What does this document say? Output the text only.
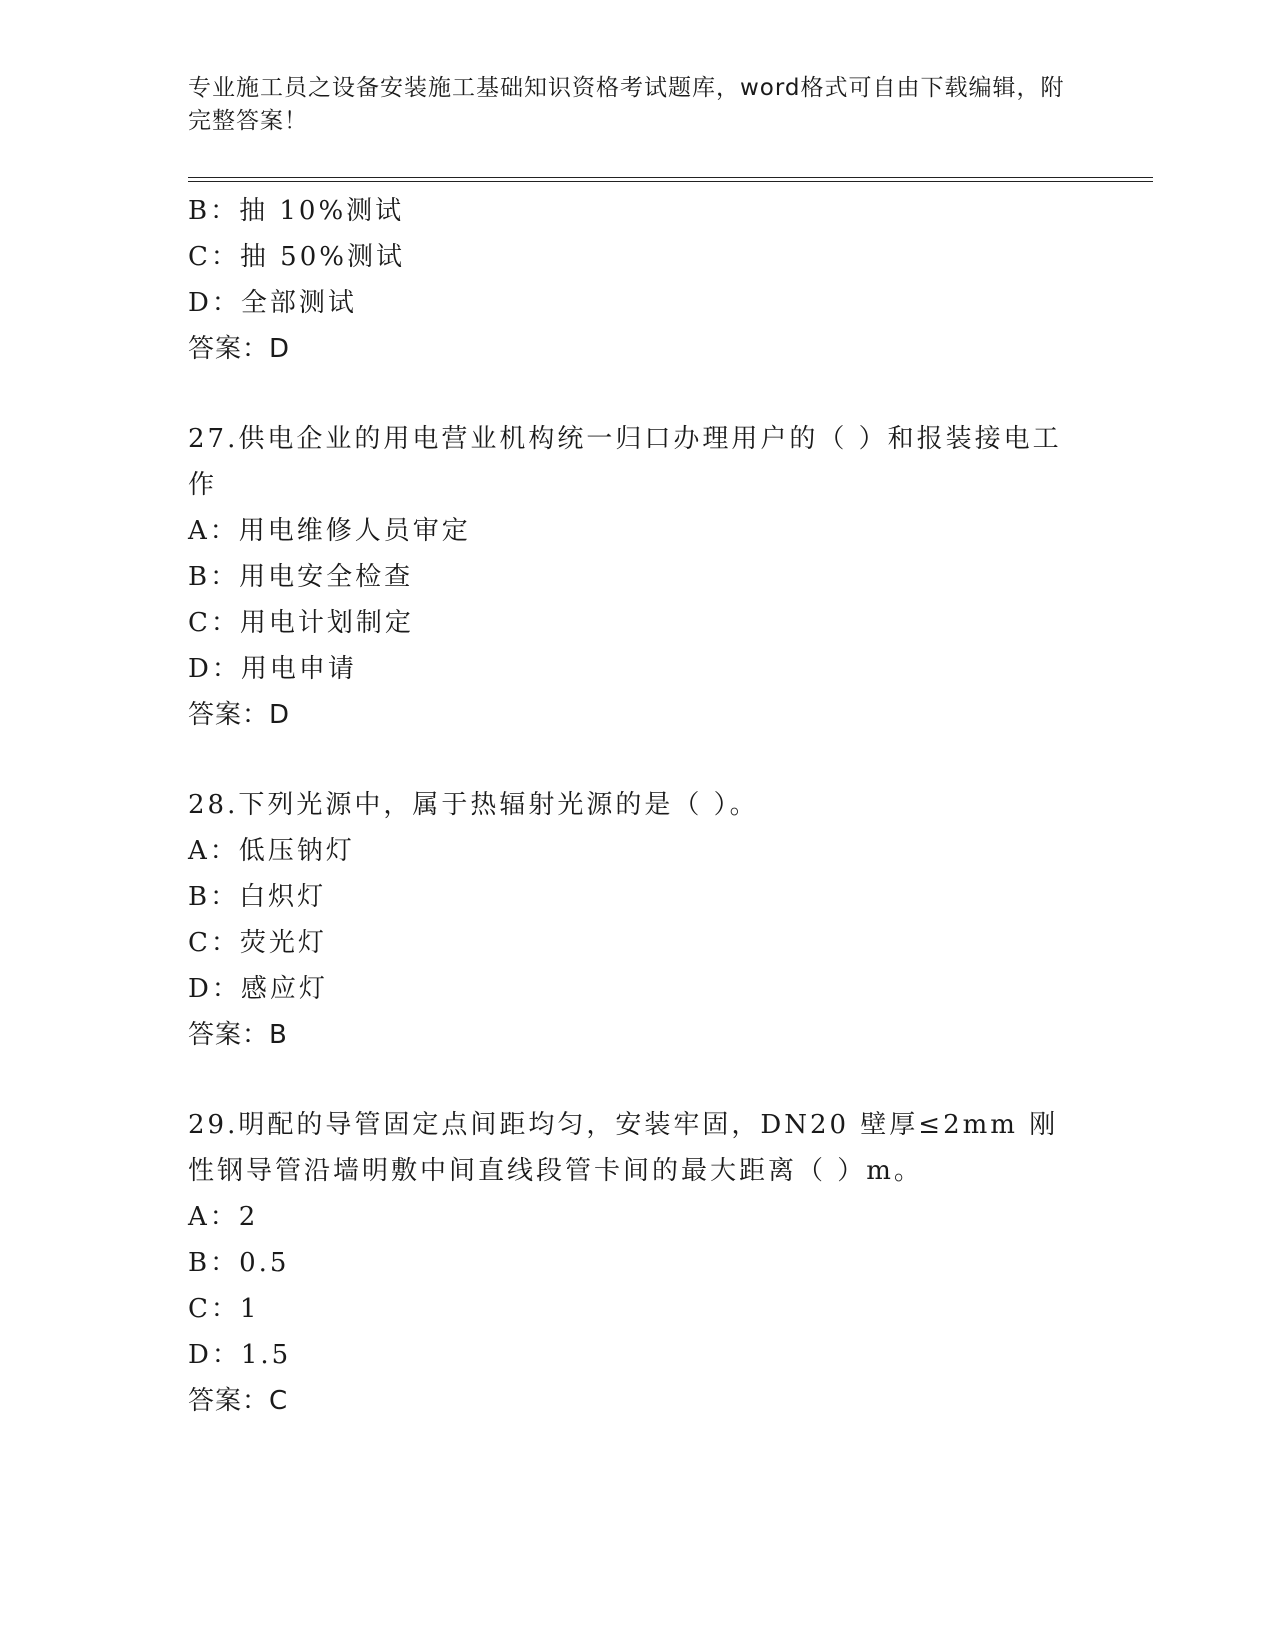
专业施工员之设备安装施工基础知识资格考试题库，word格式可自由下载编辑，附完整答案！
B：抽 10%测试
C：抽 50%测试
D：全部测试
答案：D
27.供电企业的用电营业机构统一归口办理用户的（ ）和报装接电工作
A：用电维修人员审定
B：用电安全检查
C：用电计划制定
D：用电申请
答案：D
28.下列光源中，属于热辐射光源的是（ ）。
A：低压钠灯
B：白炽灯
C：荧光灯
D：感应灯
答案：B
29.明配的导管固定点间距均匀，安装牢固，DN20 壁厚≤2mm 刚性钢导管沿墙明敷中间直线段管卡间的最大距离（ ）m。
A：2
B：0.5
C：1
D：1.5
答案：C
